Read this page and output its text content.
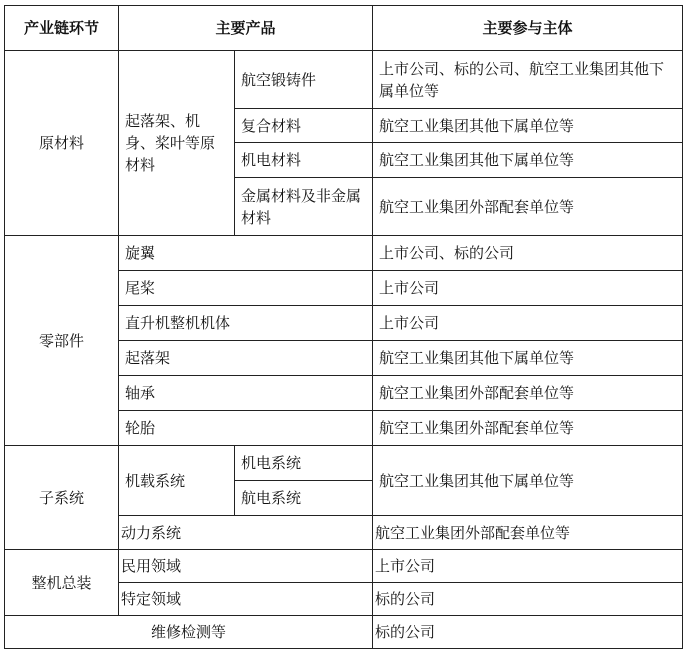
产业链环节	主要产品		主要参与主体
原材料	起落架、机身、桨叶等原材料	航空锻铸件	上市公司、标的公司、航空工业集团其他下属单位等
		复合材料	航空工业集团其他下属单位等
		机电材料	航空工业集团其他下属单位等
		金属材料及非金属材料	航空工业集团外部配套单位等
零部件	旋翼		上市公司、标的公司
	尾桨		上市公司
	直升机整机机体		上市公司
	起落架		航空工业集团其他下属单位等
	轴承		航空工业集团外部配套单位等
	轮胎		航空工业集团外部配套单位等
子系统	机载系统	机电系统	航空工业集团其他下属单位等
		航电系统	
	动力系统		航空工业集团外部配套单位等
整机总装	民用领域		上市公司
	特定领域		标的公司
维修检测等			标的公司
